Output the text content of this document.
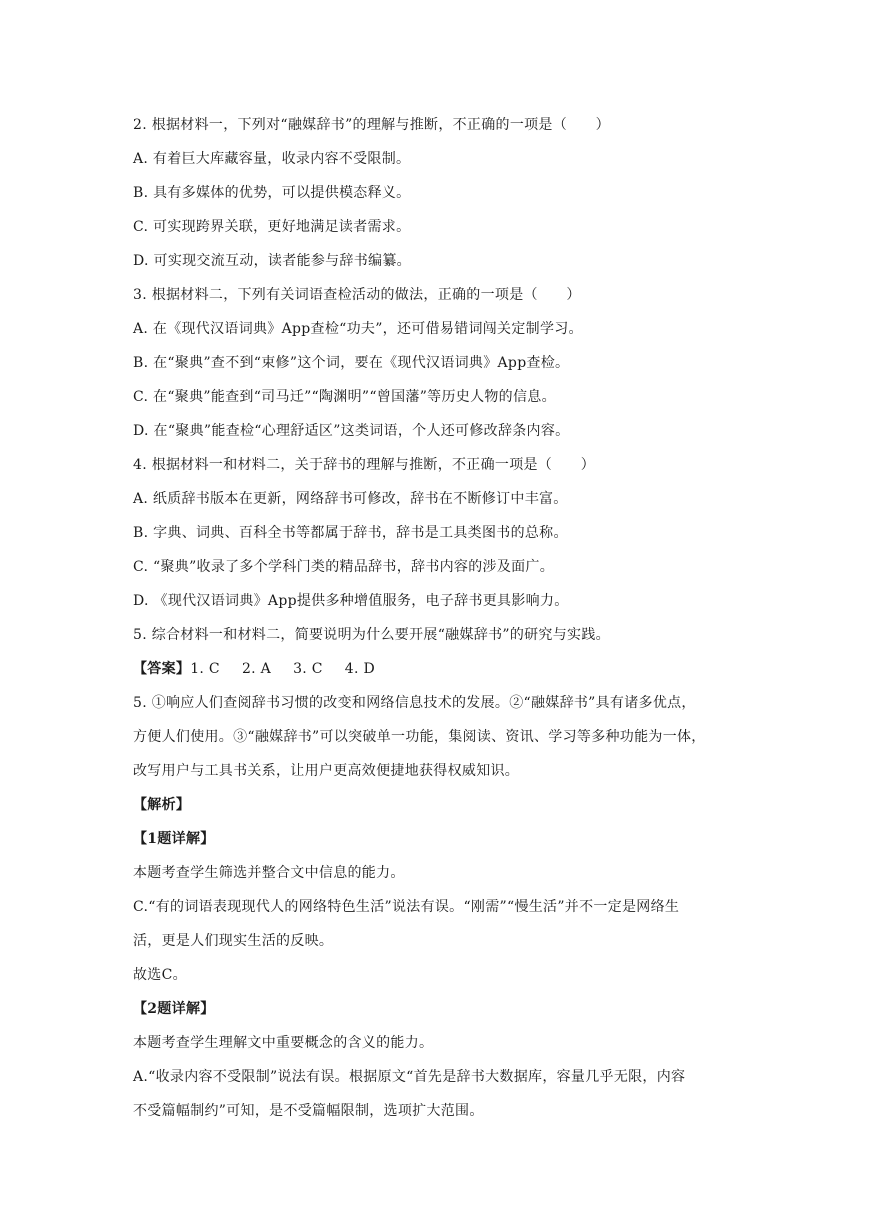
2. 根据材料一，下列对“融媒辞书”的理解与推断，不正确的一项是（　　）
A. 有着巨大库藏容量，收录内容不受限制。
B. 具有多媒体的优势，可以提供模态释义。
C. 可实现跨界关联，更好地满足读者需求。
D. 可实现交流互动，读者能参与辞书编纂。
3. 根据材料二，下列有关词语查检活动的做法，正确的一项是（　　）
A. 在《现代汉语词典》App查检“功夫”，还可借易错词闯关定制学习。
B. 在“聚典”查不到“束修”这个词，要在《现代汉语词典》App查检。
C. 在“聚典”能查到“司马迁”“陶渊明”“曾国藩”等历史人物的信息。
D. 在“聚典”能查检“心理舒适区”这类词语，个人还可修改辞条内容。
4. 根据材料一和材料二，关于辞书的理解与推断，不正确一项是（　　）
A. 纸质辞书版本在更新，网络辞书可修改，辞书在不断修订中丰富。
B. 字典、词典、百科全书等都属于辞书，辞书是工具类图书的总称。
C. “聚典”收录了多个学科门类的精品辞书，辞书内容的涉及面广。
D. 《现代汉语词典》App提供多种增值服务，电子辞书更具影响力。
5. 综合材料一和材料二，简要说明为什么要开展“融媒辞书”的研究与实践。
【答案】1. C 2. A 3. C 4. D
5. ①响应人们查阅辞书习惯的改变和网络信息技术的发展。②“融媒辞书”具有诸多优点，
方便人们使用。③“融媒辞书”可以突破单一功能，集阅读、资讯、学习等多种功能为一体，
改写用户与工具书关系，让用户更高效便捷地获得权威知识。
【解析】
【1题详解】
本题考查学生筛选并整合文中信息的能力。
C.“有的词语表现现代人的网络特色生活”说法有误。“刚需”“慢生活”并不一定是网络生
活，更是人们现实生活的反映。
故选C。
【2题详解】
本题考查学生理解文中重要概念的含义的能力。
A.“收录内容不受限制”说法有误。根据原文“首先是辞书大数据库，容量几乎无限，内容
不受篇幅制约”可知，是不受篇幅限制，选项扩大范围。
